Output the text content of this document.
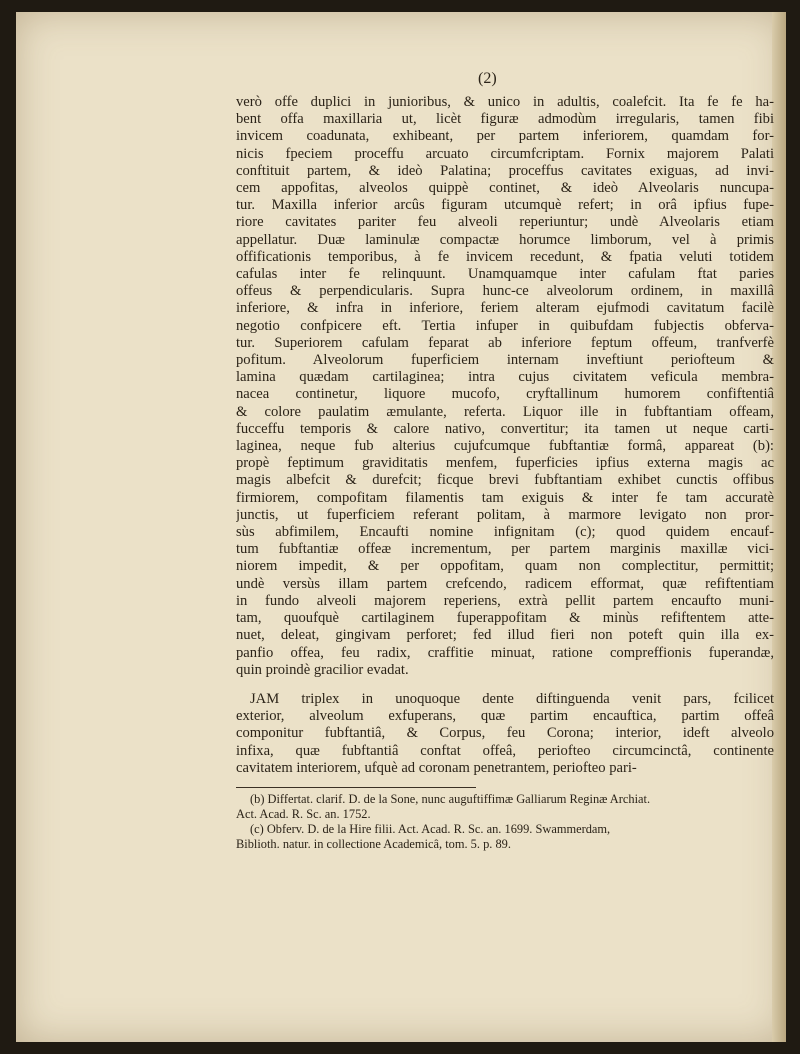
(2)
verò offe duplici in junioribus, & unico in adultis, coalefcit. Ita fe fe ha-
bent offa maxillaria ut, licèt figuræ admodùm irregularis, tamen fibi
invicem coadunata, exhibeant, per partem inferiorem, quamdam for-
nicis fpeciem proceffu arcuato circumfcriptam. Fornix majorem Palati
conftituit partem, & ideò Palatina; proceffus cavitates exiguas, ad invi-
cem appofitas, alveolos quippè continet, & ideò Alveolaris nuncupa-
tur. Maxilla inferior arcûs figuram utcumquè refert; in orâ ipfius fupe-
riore cavitates pariter feu alveoli reperiuntur; undè Alveolaris etiam
appellatur. Duæ laminulæ compactæ horumce limborum, vel à primis
offificationis temporibus, à fe invicem recedunt, & fpatia veluti totidem
cafulas inter fe relinquunt. Unamquamque inter cafulam ftat paries
offeus & perpendicularis. Supra hunc-ce alveolorum ordinem, in maxillâ
inferiore, & infra in inferiore, feriem alteram ejufmodi cavitatum facilè
negotio confpicere eft. Tertia infuper in quibufdam fubjectis obferva-
tur. Superiorem cafulam feparat ab inferiore feptum offeum, tranfverfè
pofitum. Alveolorum fuperficiem internam inveftiunt periofteum &
lamina quædam cartilaginea; intra cujus civitatem veficula membra-
nacea continetur, liquore mucofo, cryftallinum humorem confiftentiâ
& colore paulatim æmulante, referta. Liquor ille in fubftantiam offeam,
fucceffu temporis & calore nativo, convertitur; ita tamen ut neque carti-
laginea, neque fub alterius cujufcumque fubftantiæ formâ, appareat (b):
propè feptimum graviditatis menfem, fuperficies ipfius externa magis ac
magis albefcit & durefcit; ficque brevi fubftantiam exhibet cunctis offibus
firmiorem, compofitam filamentis tam exiguis & inter fe tam accuratè
junctis, ut fuperficiem referant politam, à marmore levigato non pror-
sùs abfimilem, Encaufti nomine infignitam (c); quod quidem encauf-
tum fubftantiæ offeæ incrementum, per partem marginis maxillæ vici-
niorem impedit, & per oppofitam, quam non complectitur, permittit;
undè versùs illam partem crefcendo, radicem efformat, quæ refiftentiam
in fundo alveoli majorem reperiens, extrà pellit partem encaufto muni-
tam, quoufquè cartilaginem fuperappofitam & minùs refiftentem atte-
nuet, deleat, gingivam perforet; fed illud fieri non poteft quin illa ex-
panfio offea, feu radix, craffitie minuat, ratione compreffionis fuperandæ,
quin proindè gracilior evadat.
JAM triplex in unoquoque dente diftinguenda venit pars, fcilicet
exterior, alveolum exfuperans, quæ partim encauftica, partim offeâ
componitur fubftantiâ, & Corpus, feu Corona; interior, ideft alveolo
infixa, quæ fubftantiâ conftat offeâ, periofteo circumcinctâ, continente
cavitatem interiorem, ufquè ad coronam penetrantem, periofteo pari-
(b) Differtat. clarif. D. de la Sone, nunc auguftiffimæ Galliarum Reginæ Archiat.
Act. Acad. R. Sc. an. 1752.
(c) Obferv. D. de la Hire filii. Act. Acad. R. Sc. an. 1699. Swammerdam,
Biblioth. natur. in collectione Academicâ, tom. 5. p. 89.
